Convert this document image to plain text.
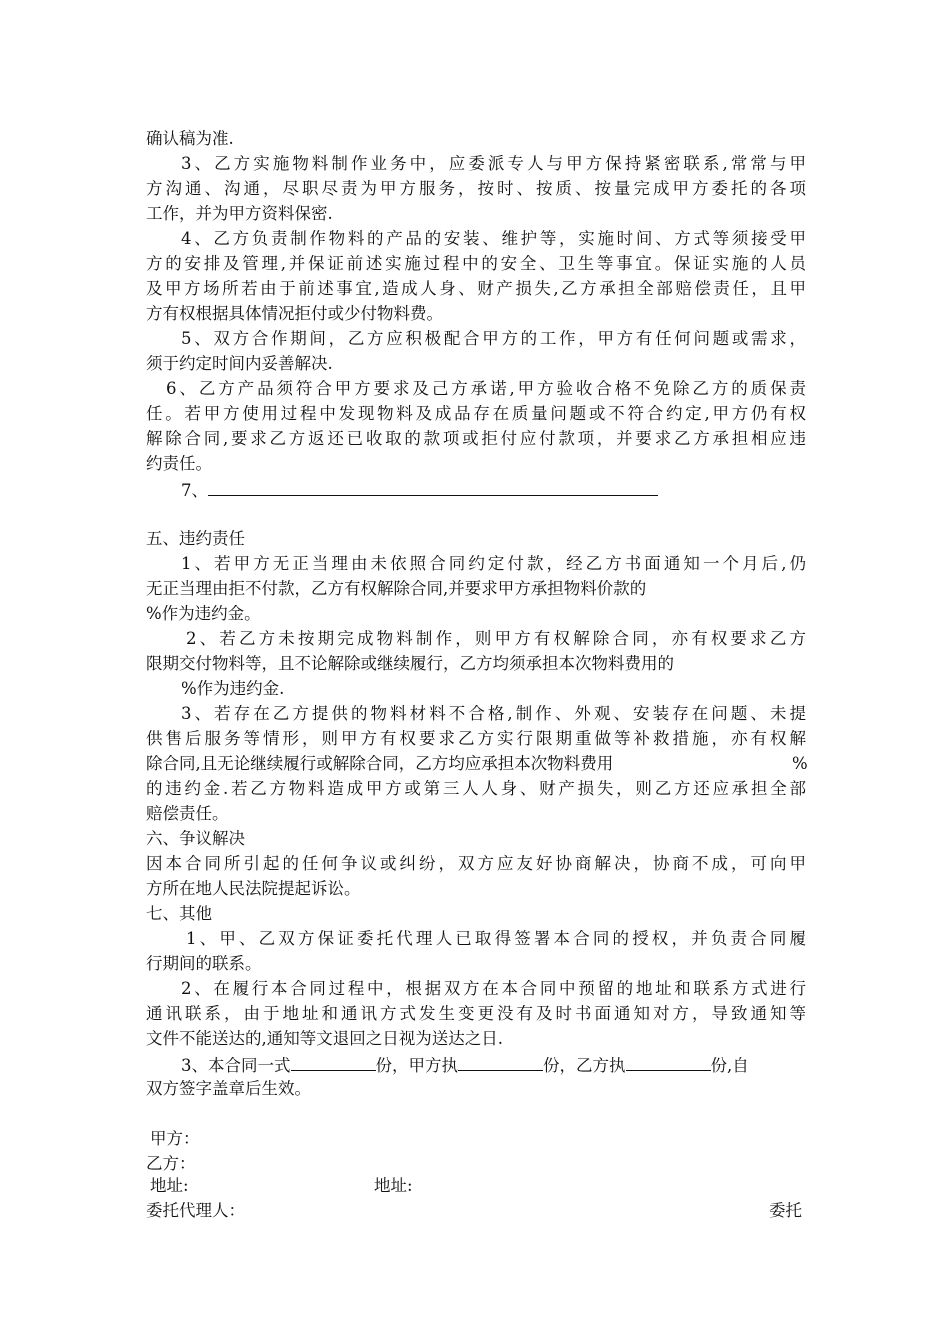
确认稿为准.
3、乙方实施物料制作业务中，应委派专人与甲方保持紧密联系,常常与甲
方沟通、沟通，尽职尽责为甲方服务，按时、按质、按量完成甲方委托的各项
工作，并为甲方资料保密.
4、乙方负责制作物料的产品的安装、维护等，实施时间、方式等须接受甲
方的安排及管理,并保证前述实施过程中的安全、卫生等事宜。保证实施的人员
及甲方场所若由于前述事宜,造成人身、财产损失,乙方承担全部赔偿责任，且甲
方有权根据具体情况拒付或少付物料费。
5、双方合作期间，乙方应积极配合甲方的工作，甲方有任何问题或需求，
须于约定时间内妥善解决.
6、乙方产品须符合甲方要求及己方承诺,甲方验收合格不免除乙方的质保责
任。若甲方使用过程中发现物料及成品存在质量问题或不符合约定,甲方仍有权
解除合同,要求乙方返还已收取的款项或拒付应付款项，并要求乙方承担相应违
约责任。
7、
五、违约责任
1、若甲方无正当理由未依照合同约定付款，经乙方书面通知一个月后,仍
无正当理由拒不付款，乙方有权解除合同,并要求甲方承担物料价款的
%作为违约金。
2、若乙方未按期完成物料制作，则甲方有权解除合同，亦有权要求乙方
限期交付物料等，且不论解除或继续履行，乙方均须承担本次物料费用的
%作为违约金.
3、若存在乙方提供的物料材料不合格,制作、外观、安装存在问题、未提
供售后服务等情形，则甲方有权要求乙方实行限期重做等补救措施，亦有权解
除合同,且无论继续履行或解除合同，乙方均应承担本次物料费用	%
的违约金.若乙方物料造成甲方或第三人人身、财产损失，则乙方还应承担全部
赔偿责任。
六、争议解决
因本合同所引起的任何争议或纠纷，双方应友好协商解决，协商不成，可向甲
方所在地人民法院提起诉讼。
七、其他
1、甲、乙双方保证委托代理人已取得签署本合同的授权，并负责合同履
行期间的联系。
2、在履行本合同过程中，根据双方在本合同中预留的地址和联系方式进行
通讯联系，由于地址和通讯方式发生变更没有及时书面通知对方，导致通知等
文件不能送达的,通知等文退回之日视为送达之日.
3、本合同一式	份，甲方执	份，乙方执	份,自
双方签字盖章后生效。
甲方：
乙方：
地址:	地址:
委托代理人：	委托
